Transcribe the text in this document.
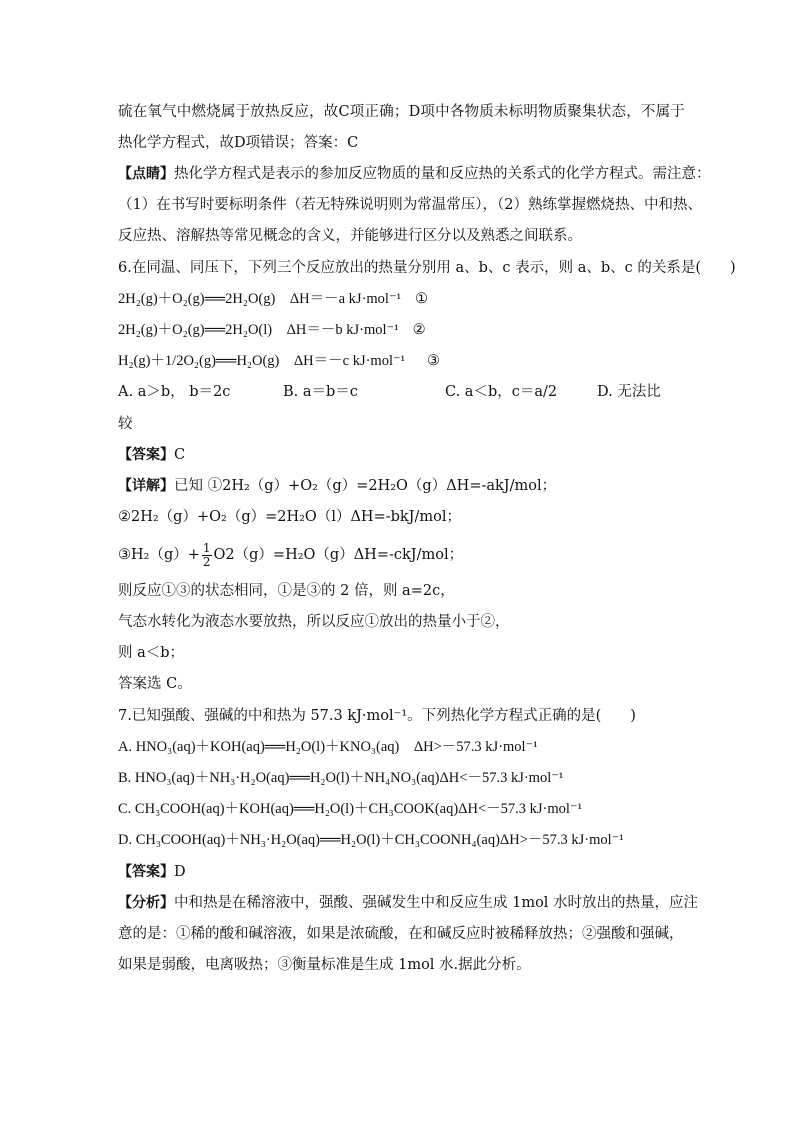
硫在氧气中燃烧属于放热反应，故C项正确；D项中各物质未标明物质聚集状态，不属于
热化学方程式，故D项错误；答案：C
【点睛】热化学方程式是表示的参加反应物质的量和反应热的关系式的化学方程式。需注意：
（1）在书写时要标明条件（若无特殊说明则为常温常压），（2）熟练掌握燃烧热、中和热、
反应热、溶解热等常见概念的含义，并能够进行区分以及熟悉之间联系。
6.在同温、同压下，下列三个反应放出的热量分别用 a、b、c 表示，则 a、b、c 的关系是(　　)
2H₂(g)＋O₂(g)══2H₂O(g)　ΔH＝－a kJ·mol⁻¹ ①
2H₂(g)＋O₂(g)══2H₂O(l)　ΔH＝－b kJ·mol⁻¹ ②
H₂(g)＋1/2O₂(g)══H₂O(g)　ΔH＝－c kJ·mol⁻¹ ③
A. a＞b， b＝2c	B. a＝b＝c	C. a＜b，c＝a/2	D. 无法比
较
【答案】C
【详解】已知 ①2H₂（g）+O₂（g）=2H₂O（g）ΔH=-akJ/mol；
②2H₂（g）+O₂（g）=2H₂O（l）ΔH=-bkJ/mol；
③H₂（g）+ $\frac{1}{2} O2(g)=H_2O(g)\Delta H=-ckJ/mol$；
则反应①③的状态相同，①是③的 2 倍，则 a=2c，
气态水转化为液态水要放热，所以反应①放出的热量小于②，
则 a＜b；
答案选 C。
7.已知强酸、强碱的中和热为 57.3 kJ·mol⁻¹。下列热化学方程式正确的是(　　)
A. HNO₃(aq)＋KOH(aq)══H₂O(l)＋KNO₃(aq)　ΔH>－57.3 kJ·mol⁻¹
B. HNO₃(aq)＋NH₃·H₂O(aq)══H₂O(l)＋NH₄NO₃(aq)ΔH<－57.3 kJ·mol⁻¹
C. CH₃COOH(aq)＋KOH(aq)══H₂O(l)＋CH₃COOK(aq)ΔH<－57.3 kJ·mol⁻¹
D. CH₃COOH(aq)＋NH₃·H₂O(aq)══H₂O(l)＋CH₃COONH₄(aq)ΔH>－57.3 kJ·mol⁻¹
【答案】D
【分析】中和热是在稀溶液中，强酸、强碱发生中和反应生成 1mol 水时放出的热量，应注
意的是：①稀的酸和碱溶液，如果是浓硫酸，在和碱反应时被稀释放热；②强酸和强碱，
如果是弱酸，电离吸热；③衡量标准是生成 1mol 水.据此分析。
